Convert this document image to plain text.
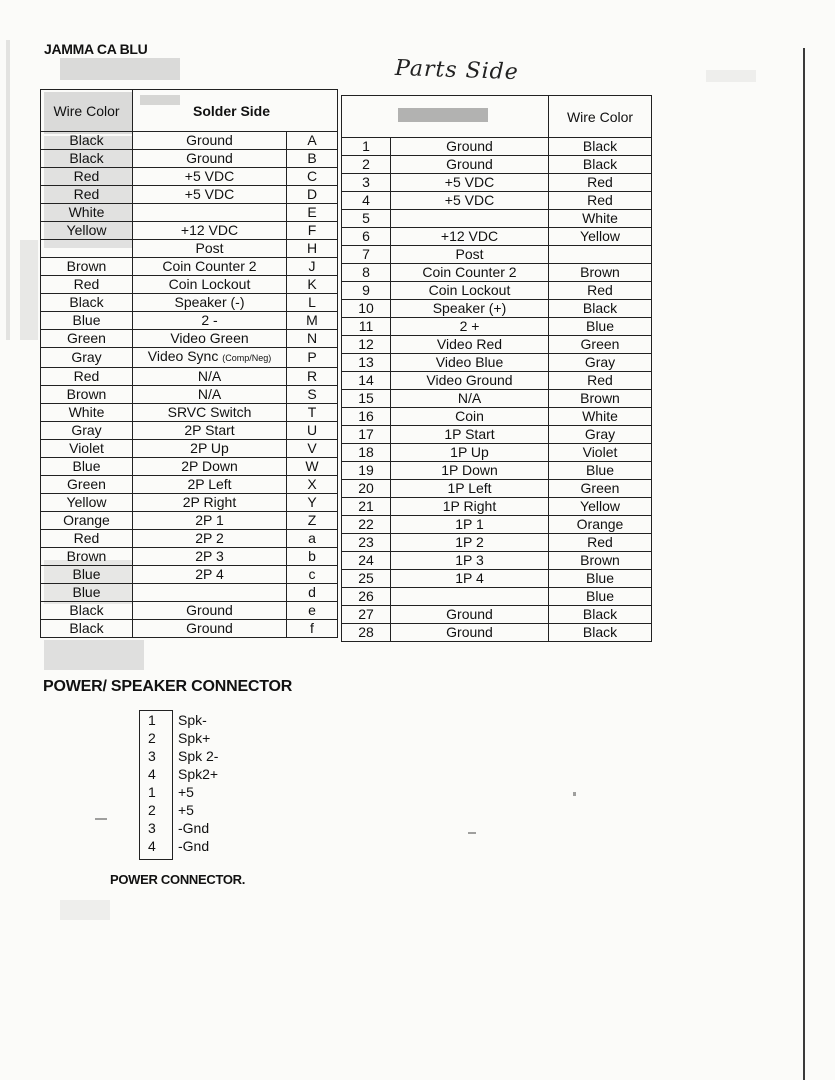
JAMMA CA BLU
Parts Side
Wire Color	Solder Side	
Black	Ground	A
Black	Ground	B
Red	+5 VDC	C
Red	+5 VDC	D
White		E
Yellow	+12 VDC	F
	Post	H
Brown	Coin Counter 2	J
Red	Coin Lockout	K
Black	Speaker (-)	L
Blue	2 -	M
Green	Video Green	N
Gray	Video Sync (Comp/Neg)	P
Red	N/A	R
Brown	N/A	S
White	SRVC Switch	T
Gray	2P Start	U
Violet	2P Up	V
Blue	2P Down	W
Green	2P Left	X
Yellow	2P Right	Y
Orange	2P 1	Z
Red	2P 2	a
Brown	2P 3	b
Blue	2P 4	c
Blue		d
Black	Ground	e
Black	Ground	f
		Wire Color
1	Ground	Black
2	Ground	Black
3	+5 VDC	Red
4	+5 VDC	Red
5		White
6	+12 VDC	Yellow
7	Post	
8	Coin Counter 2	Brown
9	Coin Lockout	Red
10	Speaker (+)	Black
11	2 +	Blue
12	Video Red	Green
13	Video Blue	Gray
14	Video Ground	Red
15	N/A	Brown
16	Coin	White
17	1P Start	Gray
18	1P Up	Violet
19	1P Down	Blue
20	1P Left	Green
21	1P Right	Yellow
22	1P 1	Orange
23	1P 2	Red
24	1P 3	Brown
25	1P 4	Blue
26		Blue
27	Ground	Black
28	Ground	Black
POWER/ SPEAKER CONNECTOR
1	Spk-
2	Spk+
3	Spk 2-
4	Spk2+
1	+5
2	+5
3	-Gnd
4	-Gnd
POWER CONNECTOR.
